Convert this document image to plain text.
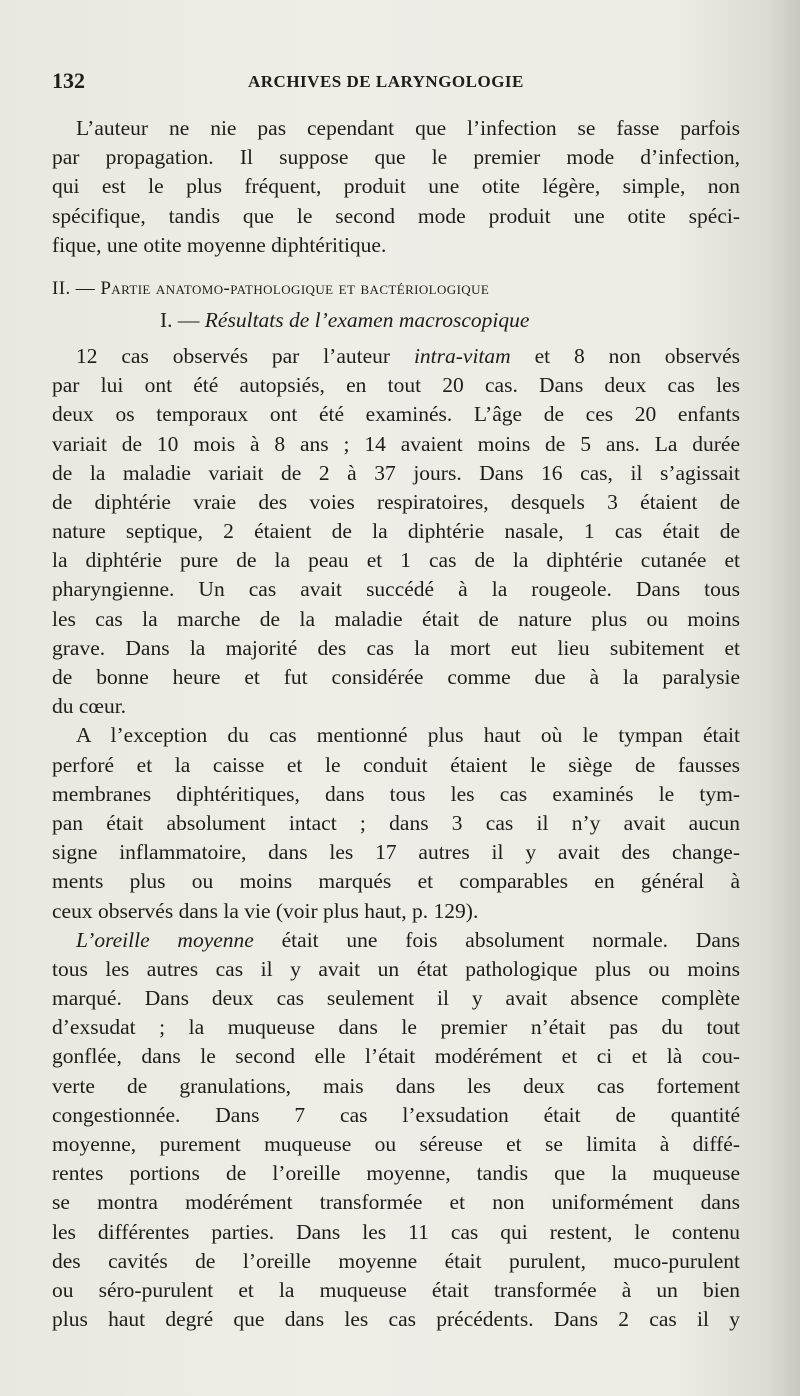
132	ARCHIVES DE LARYNGOLOGIE
L’auteur ne nie pas cependant que l’infection se fasse parfois
par propagation. Il suppose que le premier mode d’infection,
qui est le plus fréquent, produit une otite légère, simple, non
spécifique, tandis que le second mode produit une otite spéci-
fique, une otite moyenne diphtéritique.
II. — Partie anatomo-pathologique et bactériologique
I. — Résultats de l’examen macroscopique
12 cas observés par l’auteur intra-vitam et 8 non observés
par lui ont été autopsiés, en tout 20 cas. Dans deux cas les
deux os temporaux ont été examinés. L’âge de ces 20 enfants
variait de 10 mois à 8 ans ; 14 avaient moins de 5 ans. La durée
de la maladie variait de 2 à 37 jours. Dans 16 cas, il s’agissait
de diphtérie vraie des voies respiratoires, desquels 3 étaient de
nature septique, 2 étaient de la diphtérie nasale, 1 cas était de
la diphtérie pure de la peau et 1 cas de la diphtérie cutanée et
pharyngienne. Un cas avait succédé à la rougeole. Dans tous
les cas la marche de la maladie était de nature plus ou moins
grave. Dans la majorité des cas la mort eut lieu subitement et
de bonne heure et fut considérée comme due à la paralysie
du cœur.
A l’exception du cas mentionné plus haut où le tympan était
perforé et la caisse et le conduit étaient le siège de fausses
membranes diphtéritiques, dans tous les cas examinés le tym-
pan était absolument intact ; dans 3 cas il n’y avait aucun
signe inflammatoire, dans les 17 autres il y avait des change-
ments plus ou moins marqués et comparables en général à
ceux observés dans la vie (voir plus haut, p. 129).
L’oreille moyenne était une fois absolument normale. Dans
tous les autres cas il y avait un état pathologique plus ou moins
marqué. Dans deux cas seulement il y avait absence complète
d’exsudat ; la muqueuse dans le premier n’était pas du tout
gonflée, dans le second elle l’était modérément et ci et là cou-
verte de granulations, mais dans les deux cas fortement
congestionnée. Dans 7 cas l’exsudation était de quantité
moyenne, purement muqueuse ou séreuse et se limita à diffé-
rentes portions de l’oreille moyenne, tandis que la muqueuse
se montra modérément transformée et non uniformément dans
les différentes parties. Dans les 11 cas qui restent, le contenu
des cavités de l’oreille moyenne était purulent, muco-purulent
ou séro-purulent et la muqueuse était transformée à un bien
plus haut degré que dans les cas précédents. Dans 2 cas il y
